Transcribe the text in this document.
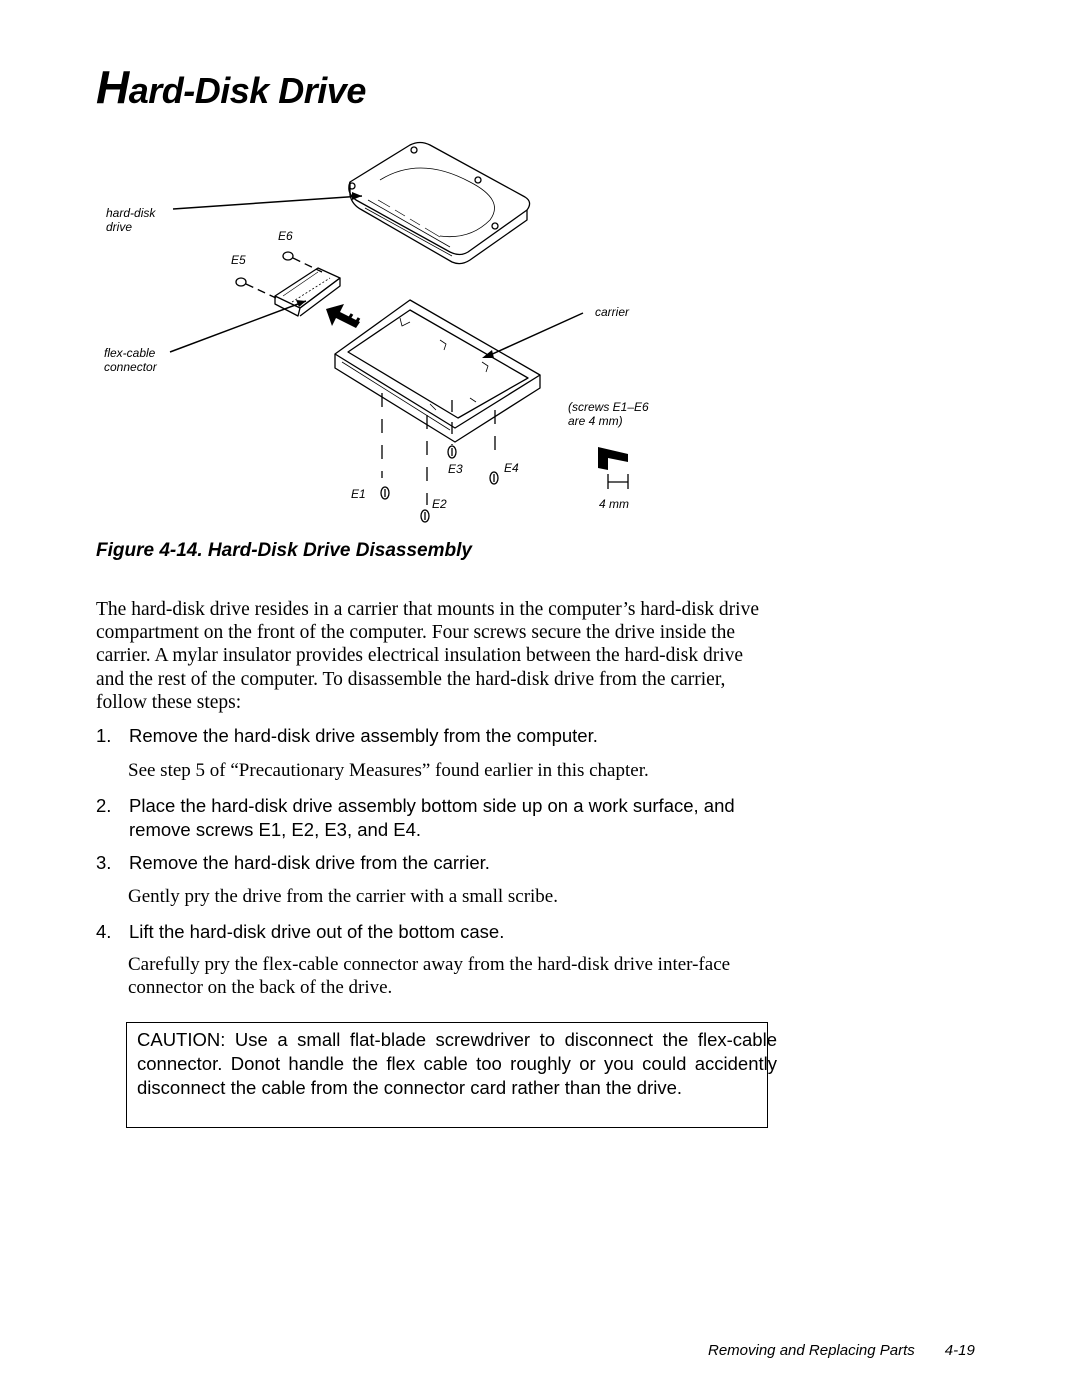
Hard-Disk Drive
hard-disk
drive
E6
E5
carrier
flex-cable
connector
(screws E1–E6
are 4 mm)
E3	E4
E1
E2	4 mm
Figure 4-14. Hard-Disk Drive Disassembly
The hard-disk drive resides in a carrier that mounts in the computer’s hard-disk drive compartment on the front of the computer. Four screws secure the drive inside the carrier. A mylar insulator provides electrical insulation between the hard-disk drive and the rest of the computer. To disassemble the hard-disk drive from the carrier, follow these steps:
1. Remove the hard-disk drive assembly from the computer.
See step 5 of “Precautionary Measures” found earlier in this chapter.
2. Place the hard-disk drive assembly bottom side up on a work surface, and remove screws E1, E2, E3, and E4.
3. Remove the hard-disk drive from the carrier.
Gently pry the drive from the carrier with a small scribe.
4. Lift the hard-disk drive out of the bottom case.
Carefully pry the flex-cable connector away from the hard-disk drive inter-face connector on the back of the drive.
CAUTION: Use a small flat-blade screwdriver to disconnect the flex-cable connector. Donot handle the flex cable too roughly or you could accidently disconnect the cable from the connector card rather than the drive.
Removing and Replacing Parts 4-19
